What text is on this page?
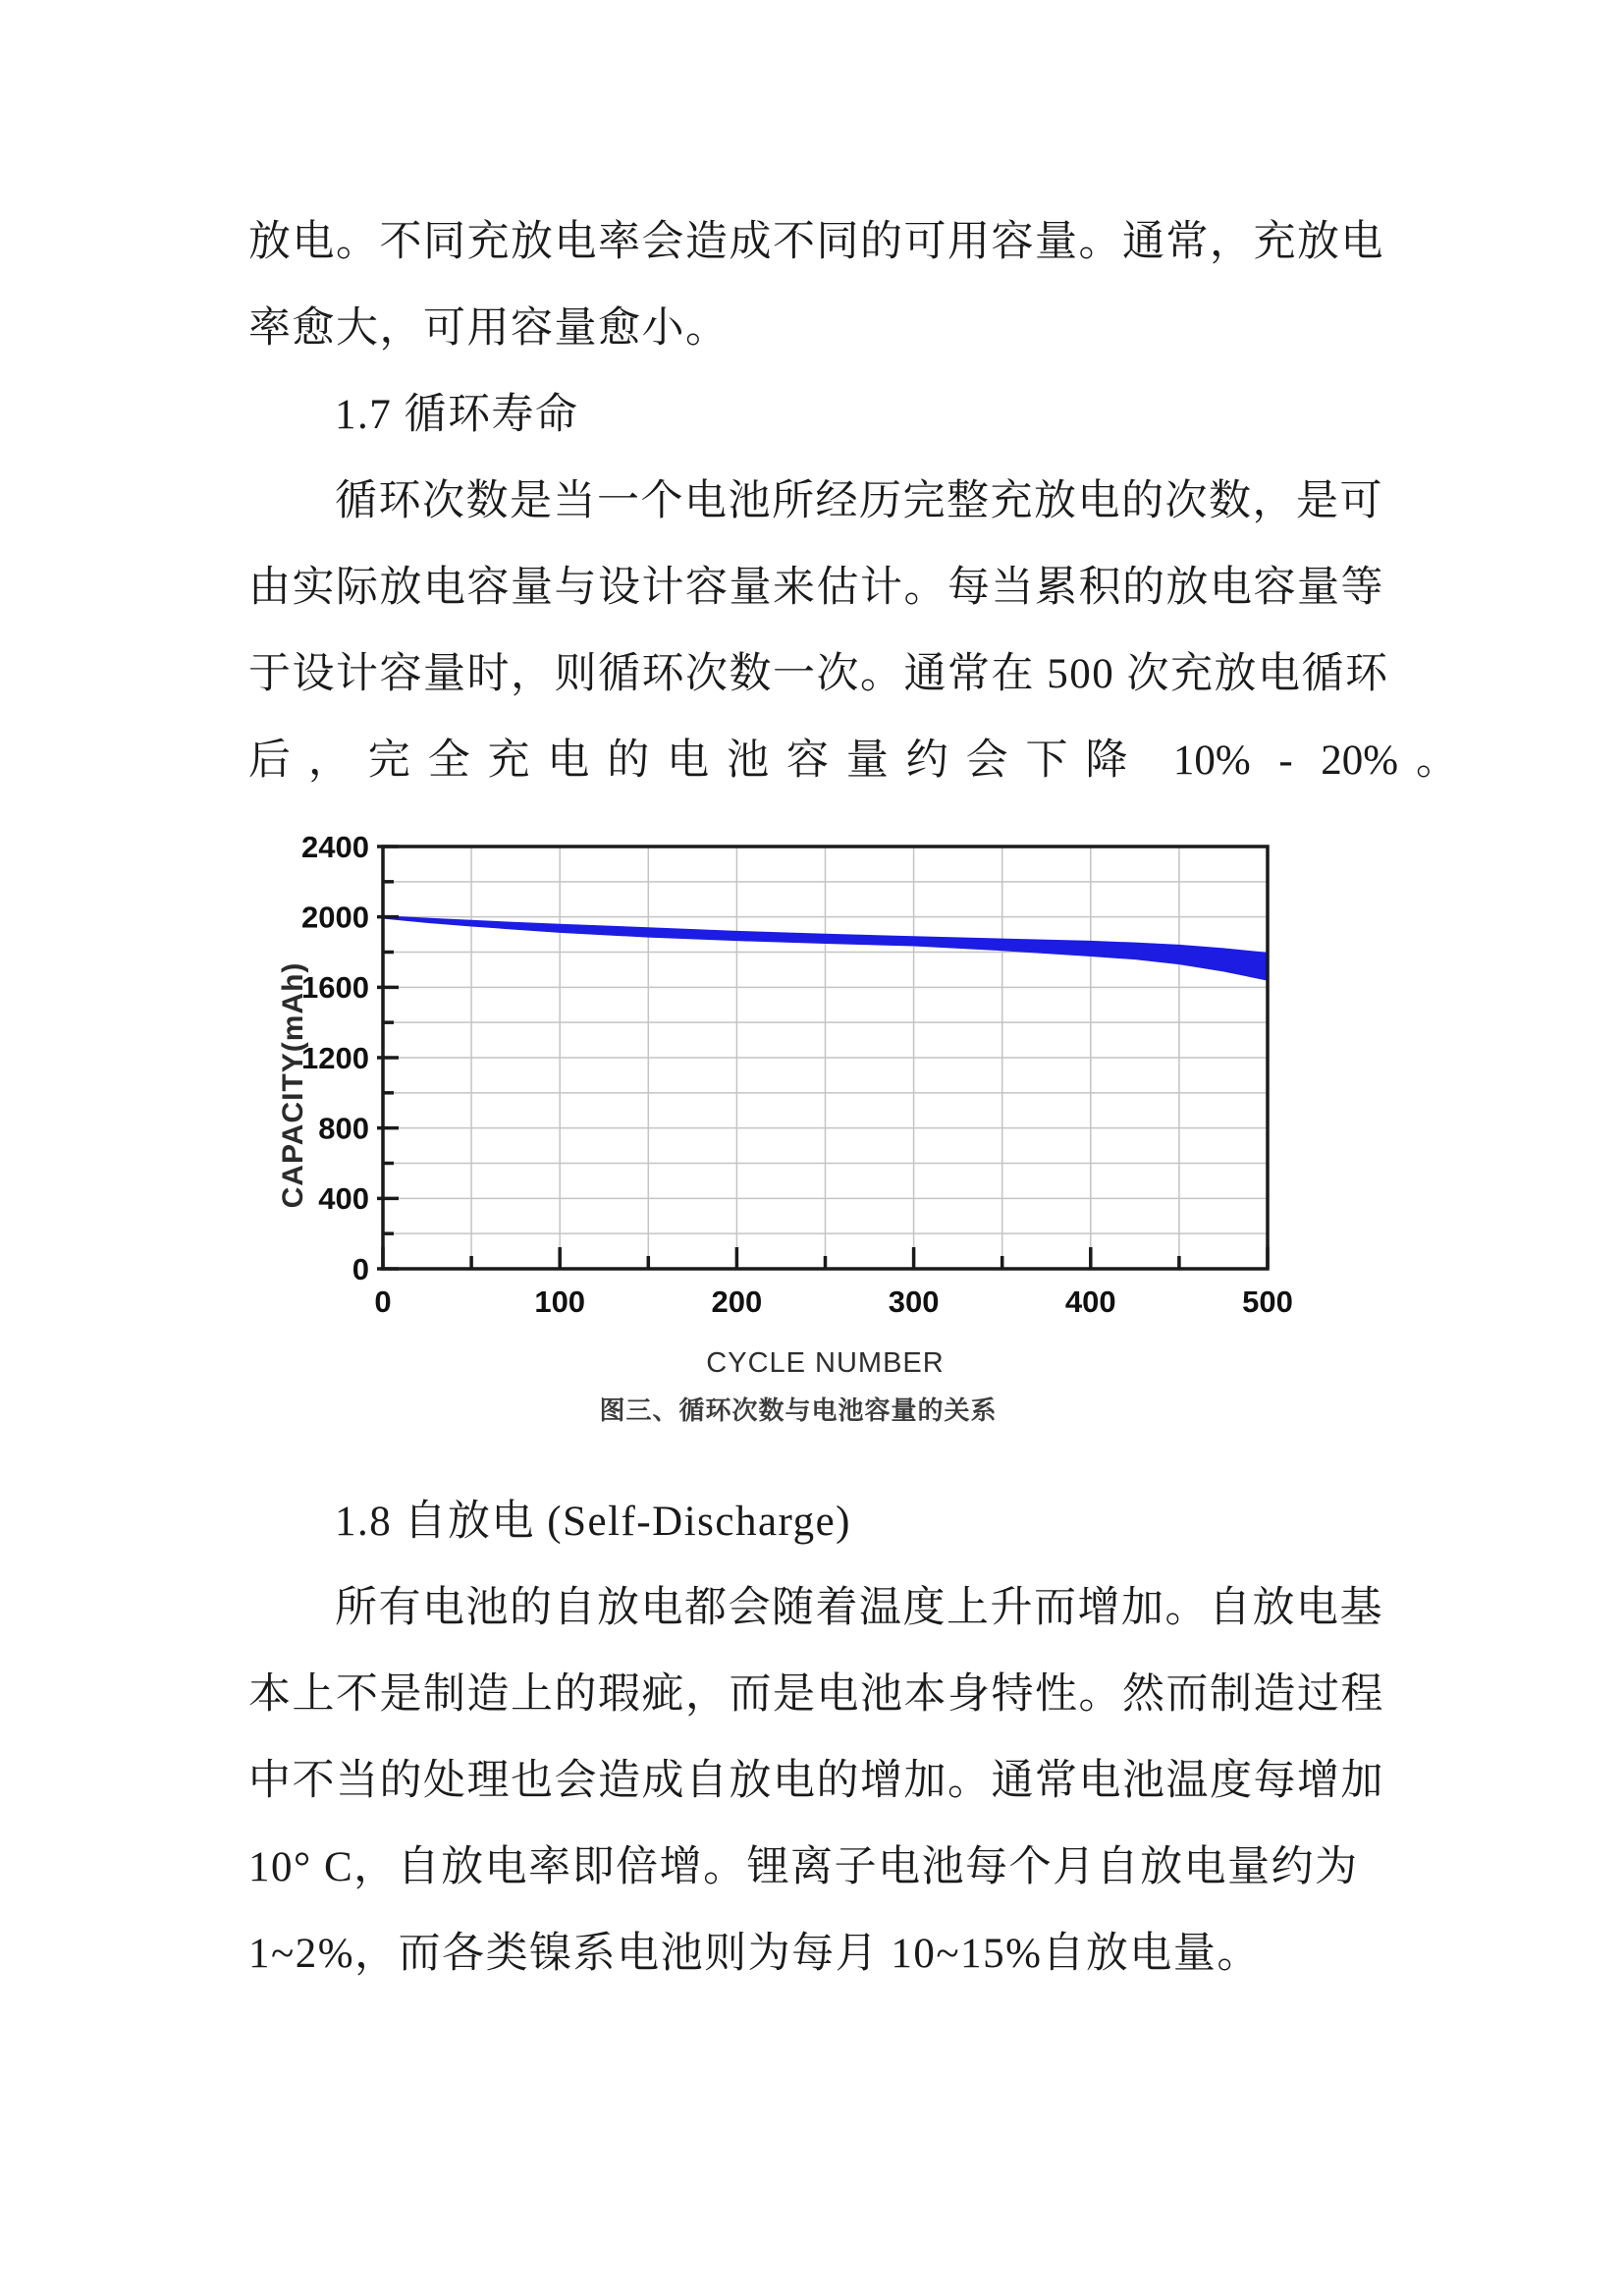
放电。不同充放电率会造成不同的可用容量。通常，充放电
率愈大，可用容量愈小。
1.7 循环寿命
循环次数是当一个电池所经历完整充放电的次数，是可
由实际放电容量与设计容量来估计。每当累积的放电容量等
于设计容量时，则循环次数一次。通常在 500 次充放电循环
后，完全充电的电池容量约会下降 10% - 20%。
0
400
800
1200
1600
2000
2400
0	100	200	300	400	500
CAPACITY(mAh)
CYCLE NUMBER
图三、循环次数与电池容量的关系
1.8 自放电 (Self-Discharge)
所有电池的自放电都会随着温度上升而增加。自放电基
本上不是制造上的瑕疵，而是电池本身特性。然而制造过程
中不当的处理也会造成自放电的增加。通常电池温度每增加
10° C，自放电率即倍增。锂离子电池每个月自放电量约为
1~2%，而各类镍系电池则为每月 10~15%自放电量。
